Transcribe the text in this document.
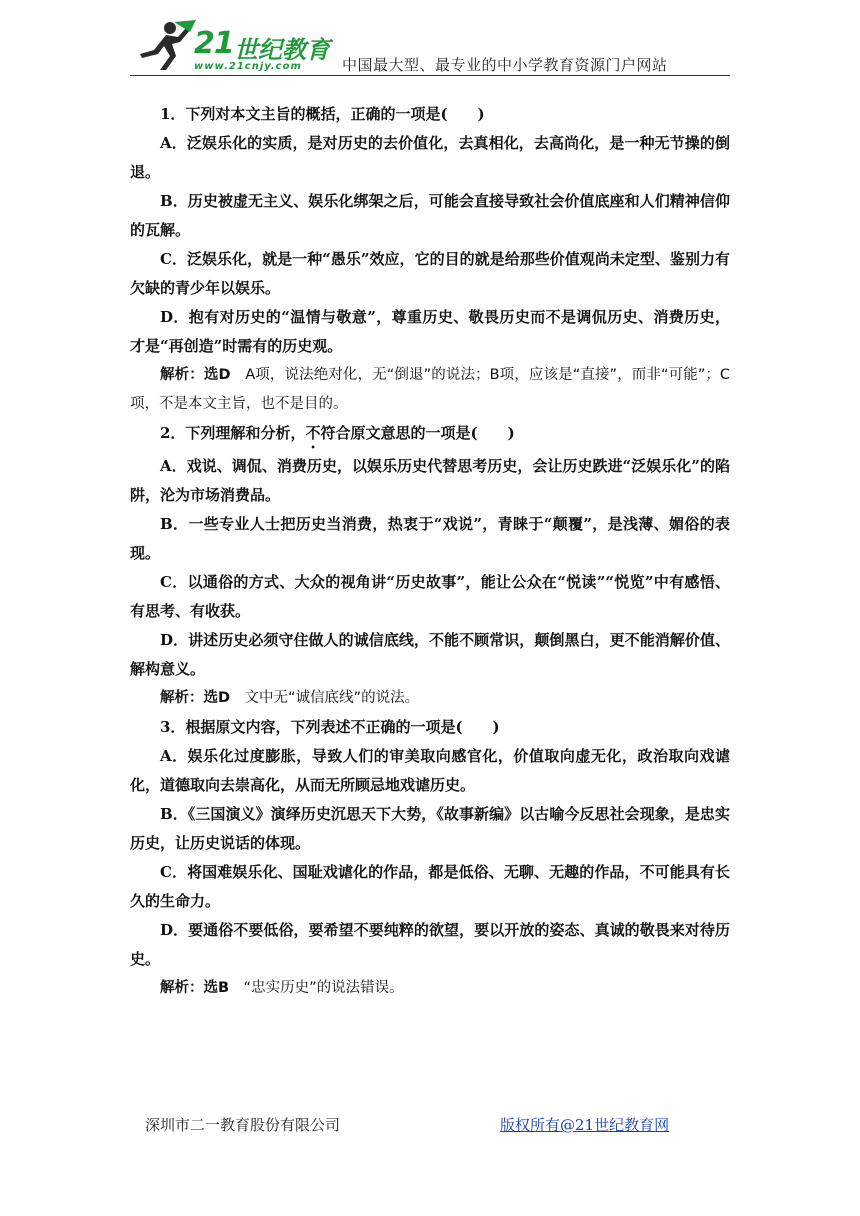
21 世纪教育
www.21cnjy.com	中国最大型、最专业的中小学教育资源门户网站

1．下列对本文主旨的概括，正确的一项是(　　)

A．泛娱乐化的实质，是对历史的去价值化，去真相化，去高尚化，是一种无节操的倒退。

B．历史被虚无主义、娱乐化绑架之后，可能会直接导致社会价值底座和人们精神信仰的瓦解。

C．泛娱乐化，就是一种“愚乐”效应，它的目的就是给那些价值观尚未定型、鉴别力有欠缺的青少年以娱乐。

D．抱有对历史的“温情与敬意”，尊重历史、敬畏历史而不是调侃历史、消费历史，才是“再创造”时需有的历史观。

解析：选D　A项，说法绝对化，无“倒退”的说法；B项，应该是“直接”，而非“可能”；C项，不是本文主旨，也不是目的。

2．下列理解和分析，不符合原文意思的一项是(　　)

A．戏说、调侃、消费历史，以娱乐历史代替思考历史，会让历史跌进“泛娱乐化”的陷阱，沦为市场消费品。

B．一些专业人士把历史当消费，热衷于“戏说”，青睐于“颠覆”，是浅薄、媚俗的表现。

C．以通俗的方式、大众的视角讲“历史故事”，能让公众在“悦读”“悦览”中有感悟、有思考、有收获。

D．讲述历史必须守住做人的诚信底线，不能不顾常识，颠倒黑白，更不能消解价值、解构意义。

解析：选D　文中无“诚信底线”的说法。

3．根据原文内容，下列表述不正确的一项是(　　)

A．娱乐化过度膨胀，导致人们的审美取向感官化，价值取向虚无化，政治取向戏谑化，道德取向去崇高化，从而无所顾忌地戏谑历史。

B．《三国演义》演绎历史沉思天下大势，《故事新编》以古喻今反思社会现象，是忠实历史，让历史说话的体现。

C．将国难娱乐化、国耻戏谑化的作品，都是低俗、无聊、无趣的作品，不可能具有长久的生命力。

D．要通俗不要低俗，要希望不要纯粹的欲望，要以开放的姿态、真诚的敬畏来对待历史。

解析：选B　“忠实历史”的说法错误。

深圳市二一教育股份有限公司	版权所有@21世纪教育网
